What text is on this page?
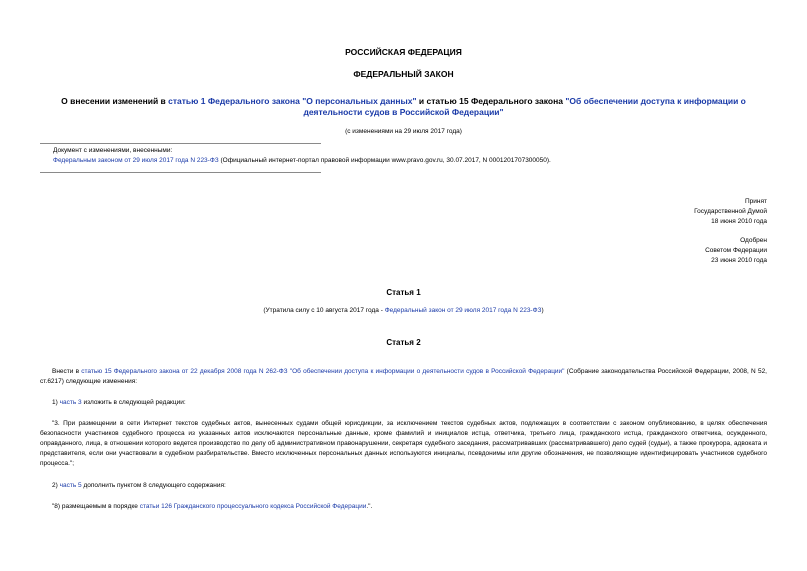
РОССИЙСКАЯ ФЕДЕРАЦИЯ
ФЕДЕРАЛЬНЫЙ ЗАКОН
О внесении изменений в статью 1 Федерального закона "О персональных данных" и статью 15 Федерального закона "Об обеспечении доступа к информации о деятельности судов в Российской Федерации"
(с изменениями на 29 июля 2017 года)
Документ с изменениями, внесенными:
Федеральным законом от 29 июля 2017 года N 223-ФЗ (Официальный интернет-портал правовой информации www.pravo.gov.ru, 30.07.2017, N 0001201707300050).
Принят
Государственной Думой
18 июня 2010 года
Одобрен
Советом Федерации
23 июня 2010 года
Статья 1
(Утратила силу с 10 августа 2017 года - Федеральный закон от 29 июля 2017 года N 223-ФЗ)
Статья 2
Внести в статью 15 Федерального закона от 22 декабря 2008 года N 262-ФЗ "Об обеспечении доступа к информации о деятельности судов в Российской Федерации" (Собрание законодательства Российской Федерации, 2008, N 52, ст.6217) следующие изменения:
1) часть 3 изложить в следующей редакции:
"3. При размещении в сети Интернет текстов судебных актов, вынесенных судами общей юрисдикции, за исключением текстов судебных актов, подлежащих в соответствии с законом опубликованию, в целях обеспечения безопасности участников судебного процесса из указанных актов исключаются персональные данные, кроме фамилий и инициалов истца, ответчика, третьего лица, гражданского истца, гражданского ответчика, осужденного, оправданного, лица, в отношении которого ведется производство по делу об административном правонарушении, секретаря судебного заседания, рассматривавших (рассматривавшего) дело судей (судьи), а также прокурора, адвоката и представителя, если они участвовали в судебном разбирательстве. Вместо исключенных персональных данных используются инициалы, псевдонимы или другие обозначения, не позволяющие идентифицировать участников судебного процесса.";
2) часть 5 дополнить пунктом 8 следующего содержания:
"8) размещаемым в порядке статьи 126 Гражданского процессуального кодекса Российской Федерации.".
